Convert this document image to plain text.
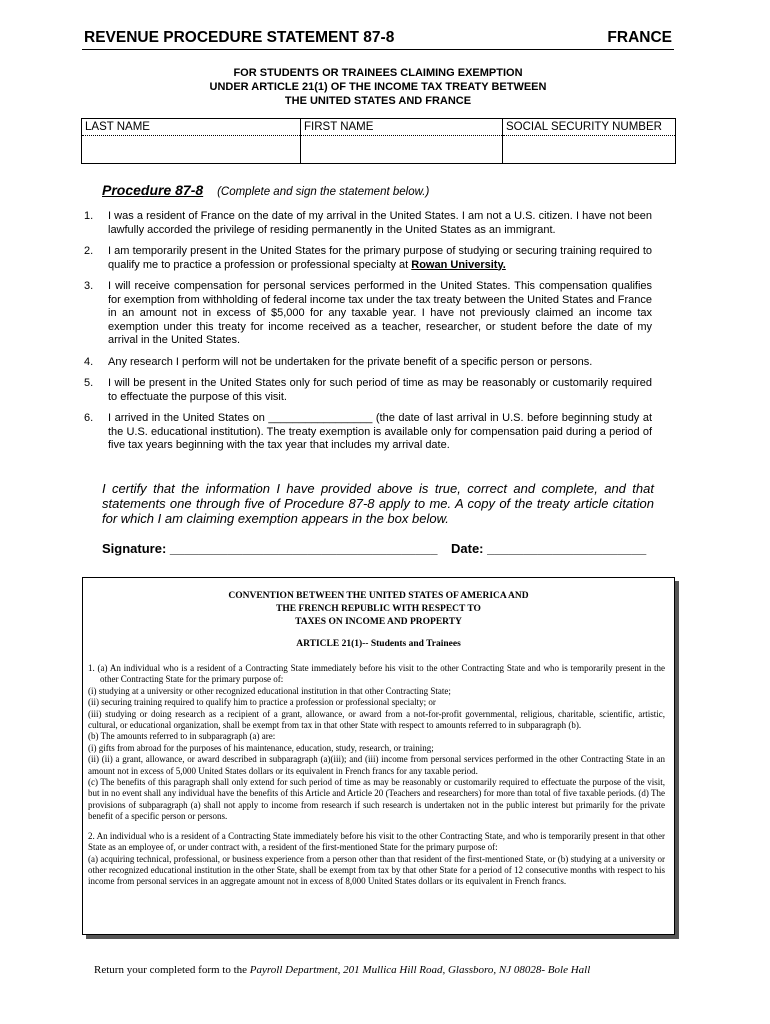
REVENUE PROCEDURE STATEMENT 87-8	FRANCE
FOR STUDENTS OR TRAINEES CLAIMING EXEMPTION
UNDER ARTICLE 21(1) OF THE INCOME TAX TREATY BETWEEN
THE UNITED STATES AND FRANCE
LAST NAME	FIRST NAME	SOCIAL SECURITY NUMBER
Procedure 87-8 (Complete and sign the statement below.)
1. I was a resident of France on the date of my arrival in the United States. I am not a U.S. citizen. I have not been lawfully accorded the privilege of residing permanently in the United States as an immigrant.
2. I am temporarily present in the United States for the primary purpose of studying or securing training required to qualify me to practice a profession or professional specialty at Rowan University.
3. I will receive compensation for personal services performed in the United States. This compensation qualifies for exemption from withholding of federal income tax under the tax treaty between the United States and France in an amount not in excess of $5,000 for any taxable year. I have not previously claimed an income tax exemption under this treaty for income received as a teacher, researcher, or student before the date of my arrival in the United States.
4. Any research I perform will not be undertaken for the private benefit of a specific person or persons.
5. I will be present in the United States only for such period of time as may be reasonably or customarily required to effectuate the purpose of this visit.
6. I arrived in the United States on _________________ (the date of last arrival in U.S. before beginning study at the U.S. educational institution). The treaty exemption is available only for compensation paid during a period of five tax years beginning with the tax year that includes my arrival date.
I certify that the information I have provided above is true, correct and complete, and that statements one through five of Procedure 87-8 apply to me. A copy of the treaty article citation for which I am claiming exemption appears in the box below.
Signature: _____________________________________ Date: ______________________
CONVENTION BETWEEN THE UNITED STATES OF AMERICA AND
THE FRENCH REPUBLIC WITH RESPECT TO
TAXES ON INCOME AND PROPERTY
ARTICLE 21(1)-- Students and Trainees

1. (a) An individual who is a resident of a Contracting State immediately before his visit to the other Contracting State and who is temporarily present in the other Contracting State for the primary purpose of:

(i) studying at a university or other recognized educational institution in that other Contracting State;

(ii) securing training required to qualify him to practice a profession or professional specialty; or

(iii) studying or doing research as a recipient of a grant, allowance, or award from a not-for-profit governmental, religious, charitable, scientific, artistic, cultural, or educational organization, shall be exempt from tax in that other State with respect to amounts referred to in subparagraph (b).

(b) The amounts referred to in subparagraph (a) are:

(i) gifts from abroad for the purposes of his maintenance, education, study, research, or training;

(ii) (ii) a grant, allowance, or award described in subparagraph (a)(iii); and (iii) income from personal services performed in the other Contracting State in an amount not in excess of 5,000 United States dollars or its equivalent in French francs for any taxable period.

(c) The benefits of this paragraph shall only extend for such period of time as may be reasonably or customarily required to effectuate the purpose of the visit, but in no event shall any individual have the benefits of this Article and Article 20 (Teachers and researchers) for more than total of five taxable periods. (d) The provisions of subparagraph (a) shall not apply to income from research if such research is undertaken not in the public interest but primarily for the private benefit of a specific person or persons.

2. An individual who is a resident of a Contracting State immediately before his visit to the other Contracting State, and who is temporarily present in that other State as an employee of, or under contract with, a resident of the first-mentioned State for the primary purpose of:

(a) acquiring technical, professional, or business experience from a person other than that resident of the first-mentioned State, or (b) studying at a university or other recognized educational institution in the other State, shall be exempt from tax by that other State for a period of 12 consecutive months with respect to his income from personal services in an aggregate amount not in excess of 8,000 United States dollars or its equivalent in French francs.

Return your completed form to the Payroll Department, 201 Mullica Hill Road, Glassboro, NJ 08028- Bole Hall
